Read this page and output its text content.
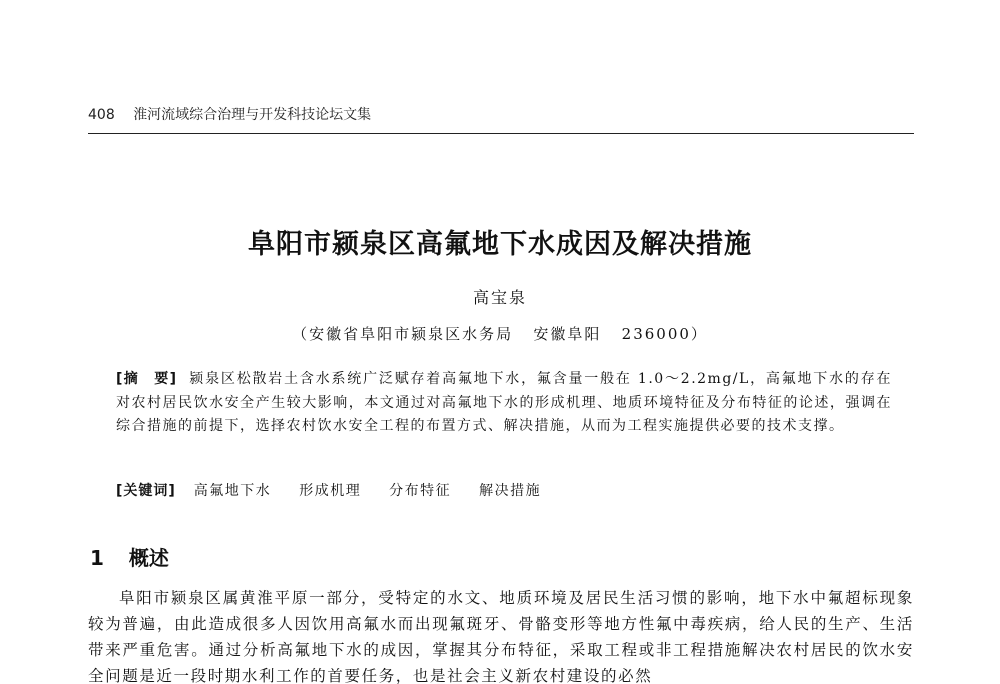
408 淮河流域综合治理与开发科技论坛文集
阜阳市颍泉区高氟地下水成因及解决措施
高宝泉
（安徽省阜阳市颍泉区水务局   安徽阜阳   236000）

[摘　要] 颍泉区松散岩土含水系统广泛赋存着高氟地下水，氟含量一般在 1.0～2.2mg/L，高氟地下水的存在对农村居民饮水安全产生较大影响，本文通过对高氟地下水的形成机理、地质环境特征及分布特征的论述，强调在综合措施的前提下，选择农村饮水安全工程的布置方式、解决措施，从而为工程实施提供必要的技术支撑。

[关键词] 高氟地下水 形成机理 分布特征 解决措施
1 概述

阜阳市颍泉区属黄淮平原一部分，受特定的水文、地质环境及居民生活习惯的影响，地下水中氟超标现象较为普遍，由此造成很多人因饮用高氟水而出现氟斑牙、骨骼变形等地方性氟中毒疾病，给人民的生产、生活带来严重危害。通过分析高氟地下水的成因，掌握其分布特征，采取工程或非工程措施解决农村居民的饮水安全问题是近一段时期水利工作的首要任务，也是社会主义新农村建设的必然
